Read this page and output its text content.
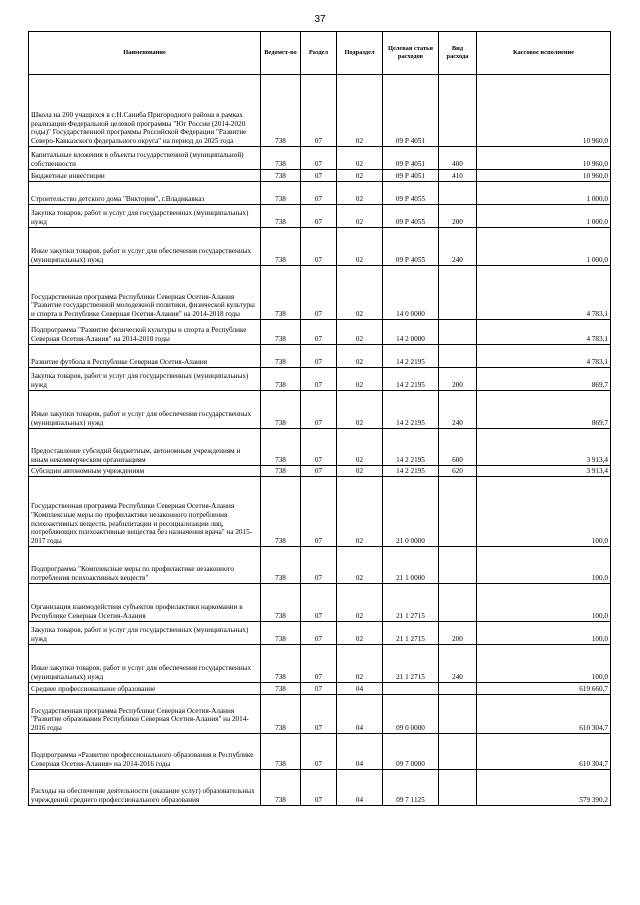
37
Наименование	Ведомст-во	Раздел	Подраздел	Целевая статья расходов	Вид расхода	Кассовое исполнение
Школа на 200 учащихся в с.Н.Саниба Пригородного района в рамках реализации Федеральной целевой программы "Юг России (2014-2020 годы)" Государственной программы Российской Федерации "Развитие Северо-Кавказского федерального округа" на период до 2025 года	738	07	02	09 Р 4051		10 960,0
Капитальные вложения в объекты государственной (муниципальной) собственности	738	07	02	09 Р 4051	400	10 960,0
Бюджетные инвестиции	738	07	02	09 Р 4051	410	10 960,0
Строительство детского дома "Виктория", г.Владикавказ	738	07	02	09 Р 4055		1 000,0
Закупка товаров, работ и услуг для государственных (муниципальных) нужд	738	07	02	09 Р 4055	200	1 000,0
Иные закупки товаров, работ и услуг для обеспечения государственных (муниципальных) нужд	738	07	02	09 Р 4055	240	1 000,0
Государственная программа Республики Северная Осетия-Алания "Развитие государственной молодежной политики, физической культуры и спорта в Республике Северная Осетия-Алания" на 2014-2018 годы	738	07	02	14 0 0000		4 783,1
Подпрограмма "Развитие физической культуры и спорта в Республике Северная Осетия-Алания" на 2014-2018 годы	738	07	02	14 2 0000		4 783,1
Развитие футбола в Республике Северная Осетия-Алания	738	07	02	14 2 2195		4 783,1
Закупка товаров, работ и услуг для государственных (муниципальных) нужд	738	07	02	14 2 2195	200	869,7
Иные закупки товаров, работ и услуг для обеспечения государственных (муниципальных) нужд	738	07	02	14 2 2195	240	869,7
Предоставление субсидий бюджетным, автономным учреждениям и иным некоммерческим организациям	738	07	02	14 2 2195	600	3 913,4
Субсидии автономным учреждениям	738	07	02	14 2 2195	620	3 913,4
Государственная программа Республики Северная Осетия-Алания "Комплексные меры по профилактике незаконного потребления психоактивных веществ, реабилитации и ресоциализации лиц, потребляющих психоактивные вещества без назначения врача" на 2015-2017 годы	738	07	02	21 0 0000		100,0
Подпрограмма "Комплексные меры по профилактике незаконного потребления психоактивных веществ"	738	07	02	21 1 0000		100,0
Организация взаимодействия субъектов профилактики наркомании в Республике Северная Осетия-Алания	738	07	02	21 1 2715		100,0
Закупка товаров, работ и услуг для государственных (муниципальных) нужд	738	07	02	21 1 2715	200	100,0
Иные закупки товаров, работ и услуг для обеспечения государственных (муниципальных) нужд	738	07	02	21 1 2715	240	100,0
Среднее профессиональное образование	738	07	04			619 660,7
Государственная программа Республики Северная Осетия-Алания "Развитие образования Республики Северная Осетия-Алания" на 2014-2016 годы	738	07	04	09 0 0000		610 304,7
Подпрограмма «Развитие профессионального образования в Республике Северная Осетия-Алания» на 2014-2016 годы	738	07	04	09 7 0000		610 304,7
Расходы на обеспечение деятельности (оказание услуг) образовательных учреждений среднего профессионального образования	738	07	04	09 7 1125		579 390,2
